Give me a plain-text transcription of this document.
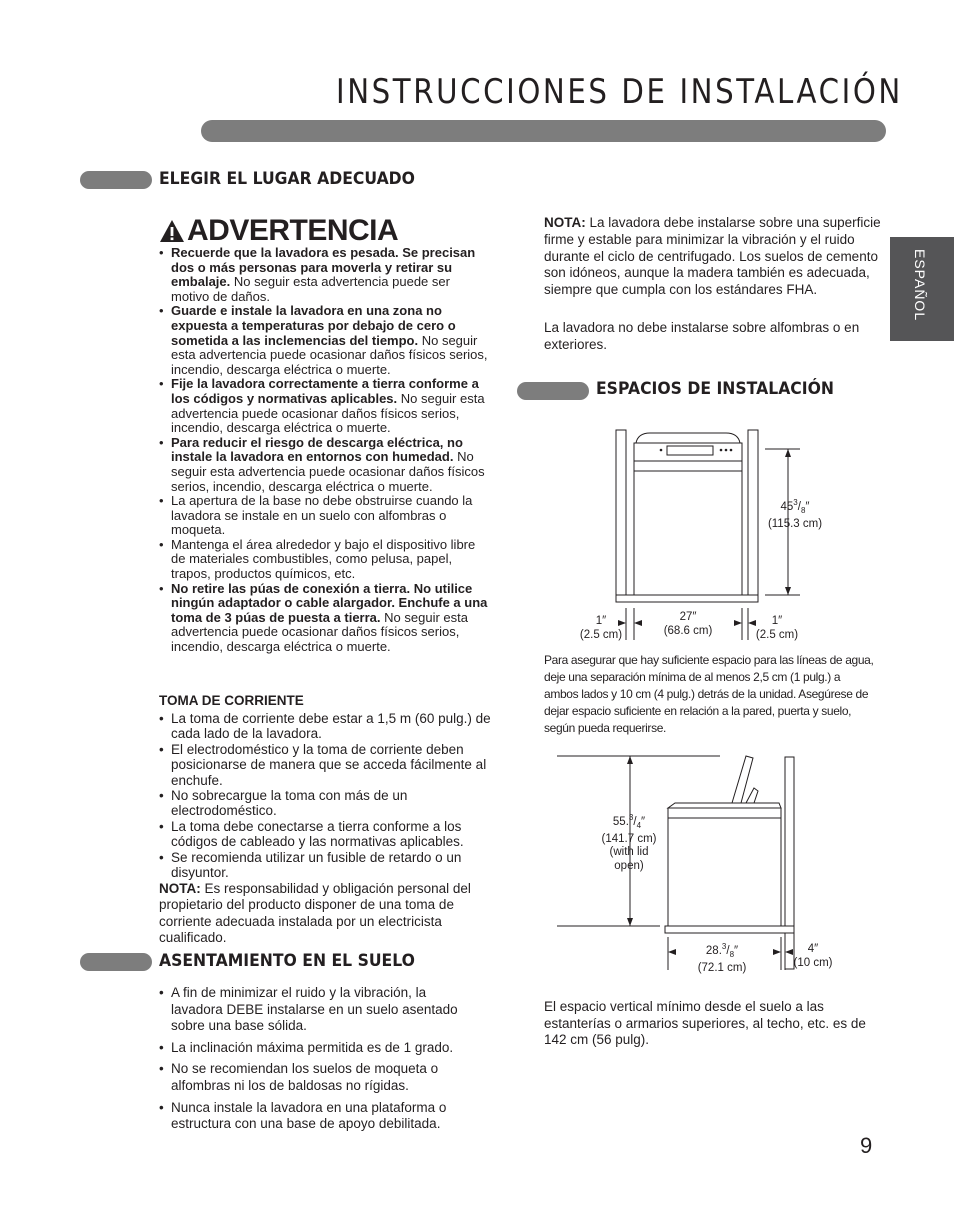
INSTRUCCIONES DE INSTALACIÓN
ESPAÑOL
ELEGIR EL LUGAR ADECUADO
ADVERTENCIA
• Recuerde que la lavadora es pesada. Se precisan dos o más personas para moverla y retirar su embalaje. No seguir esta advertencia puede ser motivo de daños.
• Guarde e instale la lavadora en una zona no expuesta a temperaturas por debajo de cero o sometida a las inclemencias del tiempo. No seguir esta advertencia puede ocasionar daños físicos serios, incendio, descarga eléctrica o muerte.
• Fije la lavadora correctamente a tierra conforme a los códigos y normativas aplicables. No seguir esta advertencia puede ocasionar daños físicos serios, incendio, descarga eléctrica o muerte.
• Para reducir el riesgo de descarga eléctrica, no instale la lavadora en entornos con humedad. No seguir esta advertencia puede ocasionar daños físicos serios, incendio, descarga eléctrica o muerte.
• La apertura de la base no debe obstruirse cuando la lavadora se instale en un suelo con alfombras o moqueta.
• Mantenga el área alrededor y bajo el dispositivo libre de materiales combustibles, como pelusa, papel, trapos, productos químicos, etc.
• No retire las púas de conexión a tierra. No utilice ningún adaptador o cable alargador. Enchufe a una toma de 3 púas de puesta a tierra. No seguir esta advertencia puede ocasionar daños físicos serios, incendio, descarga eléctrica o muerte.
TOMA DE CORRIENTE
• La toma de corriente debe estar a 1,5 m (60 pulg.) de cada lado de la lavadora.
• El electrodoméstico y la toma de corriente deben posicionarse de manera que se acceda fácilmente al enchufe.
• No sobrecargue la toma con más de un electrodoméstico.
• La toma debe conectarse a tierra conforme a los códigos de cableado y las normativas aplicables.
• Se recomienda utilizar un fusible de retardo o un disyuntor.
NOTA: Es responsabilidad y obligación personal del propietario del producto disponer de una toma de corriente adecuada instalada por un electricista cualificado.
ASENTAMIENTO EN EL SUELO
• A fin de minimizar el ruido y la vibración, la lavadora DEBE instalarse en un suelo asentado sobre una base sólida.
• La inclinación máxima permitida es de 1 grado.
• No se recomiendan los suelos de moqueta o alfombras ni los de baldosas no rígidas.
• Nunca instale la lavadora en una plataforma o estructura con una base de apoyo debilitada.
NOTA: La lavadora debe instalarse sobre una superficie firme y estable para minimizar la vibración y el ruido durante el ciclo de centrifugado. Los suelos de cemento son idóneos, aunque la madera también es adecuada, siempre que cumpla con los estándares FHA.
La lavadora no debe instalarse sobre alfombras o en exteriores.
ESPACIOS DE INSTALACIÓN
$45^3/_8''$
(115.3 cm)
1″
(2.5 cm)
27″
(68.6 cm)
1″
(2.5 cm)
Para asegurar que hay suficiente espacio para las líneas de agua, deje una separación mínima de al menos 2,5 cm (1 pulg.) a ambos lados y 10 cm (4 pulg.) detrás de la unidad. Asegúrese de dejar espacio suficiente en relación a la pared, puerta y suelo, según pueda requerirse.
$55.^3/_4''$
(141.7 cm)
(with lid
open)
$28.^3/_8''$
(72.1 cm)
4″
(10 cm)
El espacio vertical mínimo desde el suelo a las estanterías o armarios superiores, al techo, etc. es de 142 cm (56 pulg).
9
